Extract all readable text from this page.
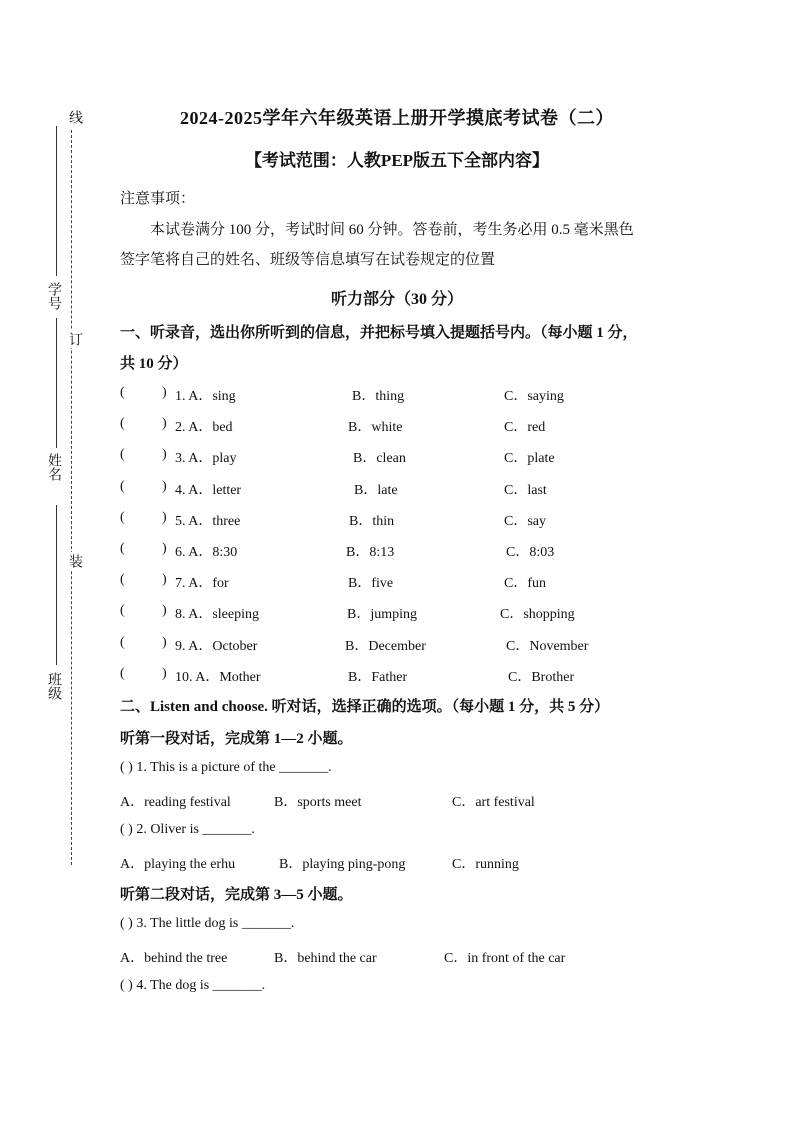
线
订
装
学号
姓名
班级
2024-2025学年六年级英语上册开学摸底考试卷（二）
【考试范围：人教PEP版五下全部内容】
注意事项：
本试卷满分 100 分，考试时间 60 分钟。答卷前，考生务必用 0.5 毫米黑色
签字笔将自己的姓名、班级等信息填写在试卷规定的位置
听力部分（30 分）
一、听录音，选出你所听到的信息，并把标号填入提题括号内。（每小题 1 分，
共 10 分）
(	) 1. A．sing	B．thing	C．saying
(	) 2. A．bed	B．white	C．red
(	) 3. A．play	B．clean	C．plate
(	) 4. A．letter	B．late	C．last
(	) 5. A．three	B．thin	C．say
(	) 6. A．8:30	B．8:13	C．8:03
(	) 7. A．for	B．five	C．fun
(	) 8. A．sleeping	B．jumping	C．shopping
(	) 9. A．October	B．December	C．November
(	) 10. A．Mother	B．Father	C．Brother
二、Listen and choose. 听对话，选择正确的选项。（每小题 1 分，共 5 分）
听第一段对话，完成第 1—2 小题。
( ) 1. This is a picture of the _______.
A．reading festival	B．sports meet	C．art festival
( ) 2. Oliver is _______.
A．playing the erhu	B．playing ping-pong	C．running
听第二段对话，完成第 3—5 小题。
( ) 3. The little dog is _______.
A．behind the tree	B．behind the car	C．in front of the car
( ) 4. The dog is _______.
